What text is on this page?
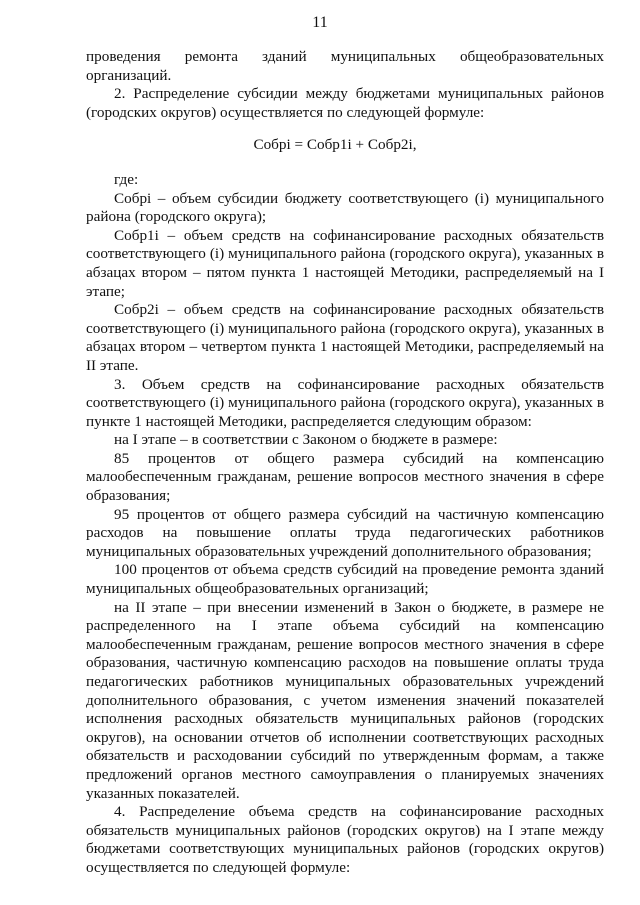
11

проведения ремонта зданий муниципальных общеобразовательных организаций.

2. Распределение субсидии между бюджетами муниципальных районов (городских округов) осуществляется по следующей формуле:

Собрi = Собр1i + Собр2i,

где:

Собрi – объем субсидии бюджету соответствующего (i) муниципального района (городского округа);

Собр1i – объем средств на софинансирование расходных обязательств соответствующего (i) муниципального района (городского округа), указанных в абзацах втором – пятом пункта 1 настоящей Методики, распределяемый на I этапе;

Собр2i – объем средств на софинансирование расходных обязательств соответствующего (i) муниципального района (городского округа), указанных в абзацах втором – четвертом пункта 1 настоящей Методики, распределяемый на II этапе.

3. Объем средств на софинансирование расходных обязательств соответствующего (i) муниципального района (городского округа), указанных в пункте 1 настоящей Методики, распределяется следующим образом:

на I этапе – в соответствии с Законом о бюджете в размере:

85 процентов от общего размера субсидий на компенсацию малообеспеченным гражданам, решение вопросов местного значения в сфере образования;

95 процентов от общего размера субсидий на частичную компенсацию расходов на повышение оплаты труда педагогических работников муниципальных образовательных учреждений дополнительного образования;

100 процентов от объема средств субсидий на проведение ремонта зданий муниципальных общеобразовательных организаций;

на II этапе – при внесении изменений в Закон о бюджете, в размере не распределенного на I этапе объема субсидий на компенсацию малообеспеченным гражданам, решение вопросов местного значения в сфере образования, частичную компенсацию расходов на повышение оплаты труда педагогических работников муниципальных образовательных учреждений дополнительного образования, с учетом изменения значений показателей исполнения расходных обязательств муниципальных районов (городских округов), на основании отчетов об исполнении соответствующих расходных обязательств и расходовании субсидий по утвержденным формам, а также предложений органов местного самоуправления о планируемых значениях указанных показателей.

4. Распределение объема средств на софинансирование расходных обязательств муниципальных районов (городских округов) на I этапе между бюджетами соответствующих муниципальных районов (городских округов) осуществляется по следующей формуле:
